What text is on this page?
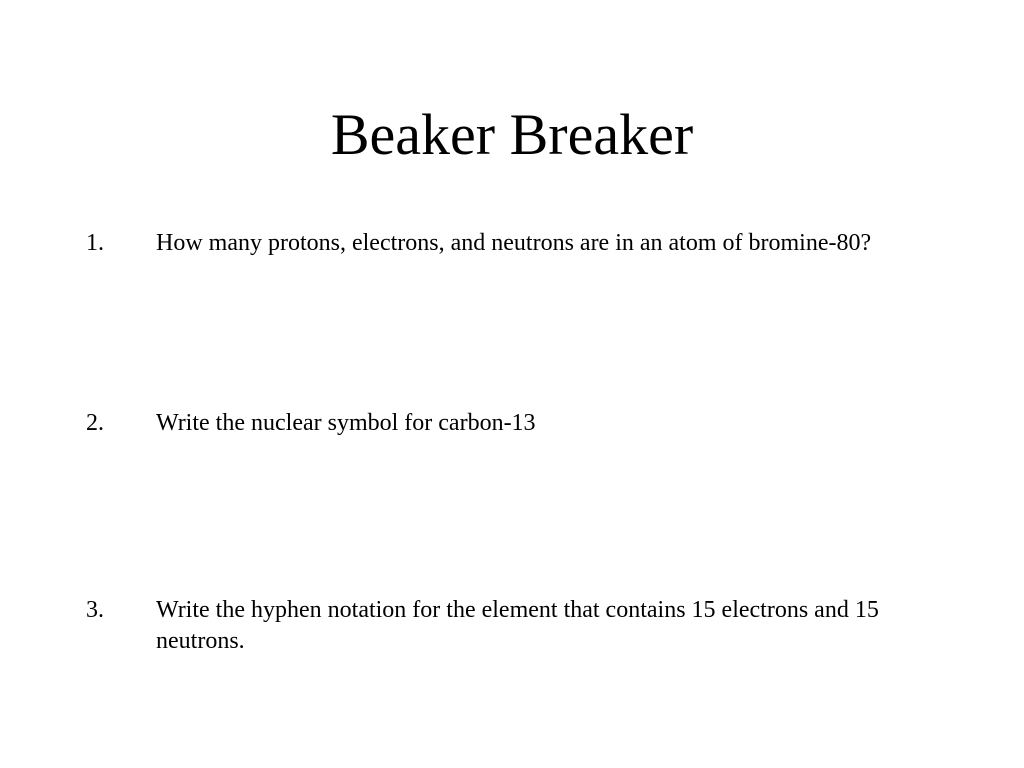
Beaker Breaker
1.	How many protons, electrons, and neutrons are in an atom of bromine-80?
2.	Write the nuclear symbol for carbon-13
3.	Write the hyphen notation for the element that contains 15 electrons and 15 neutrons.
